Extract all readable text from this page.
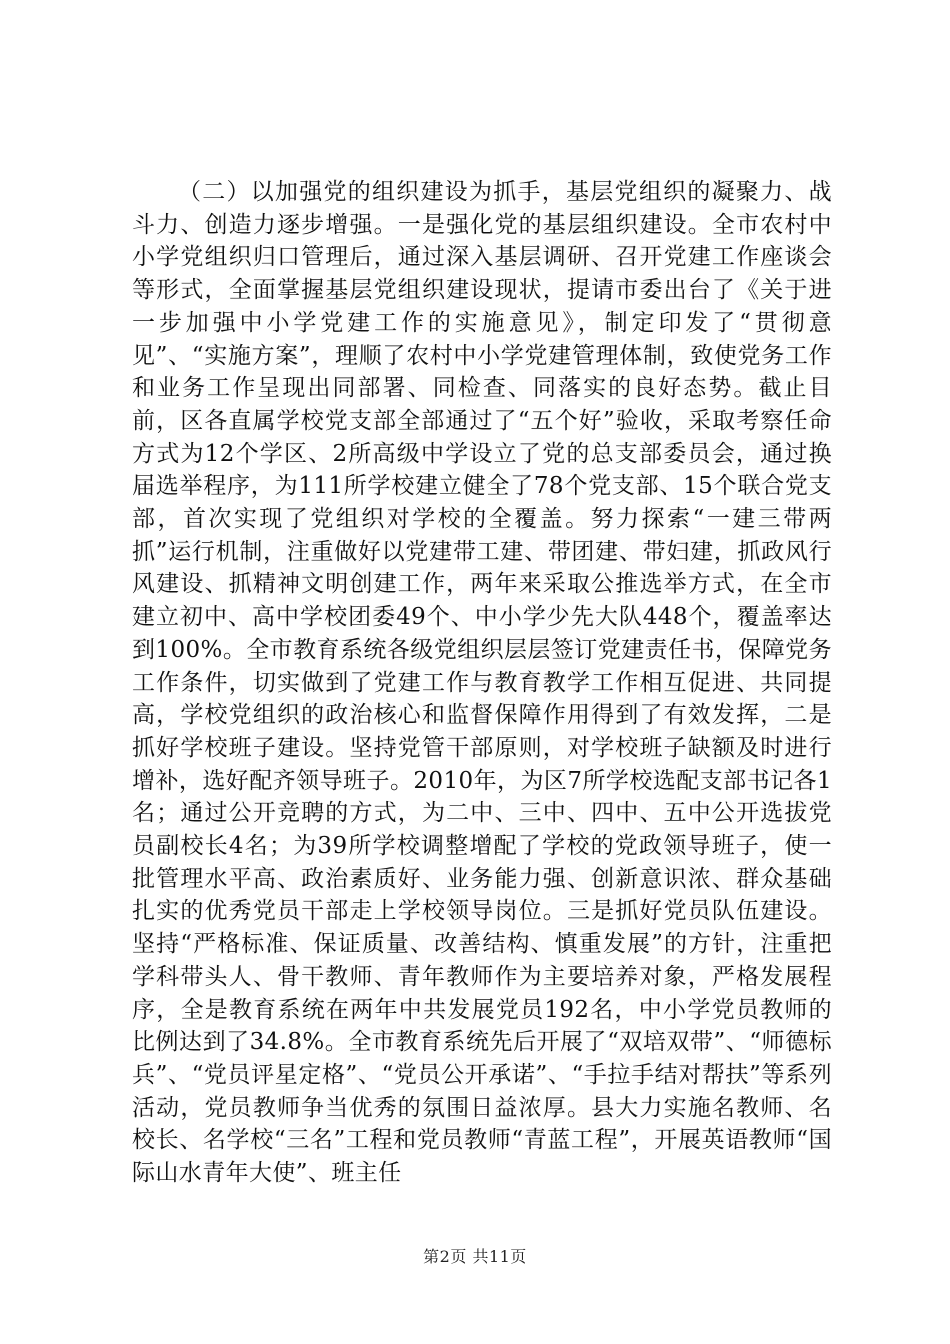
（二）以加强党的组织建设为抓手，基层党组织的凝聚力、战斗力、创造力逐步增强。一是强化党的基层组织建设。全市农村中小学党组织归口管理后，通过深入基层调研、召开党建工作座谈会等形式，全面掌握基层党组织建设现状，提请市委出台了《关于进一步加强中小学党建工作的实施意见》，制定印发了“贯彻意见”、“实施方案”，理顺了农村中小学党建管理体制，致使党务工作和业务工作呈现出同部署、同检查、同落实的良好态势。截止目前，区各直属学校党支部全部通过了“五个好”验收，采取考察任命方式为12个学区、2所高级中学设立了党的总支部委员会，通过换届选举程序，为111所学校建立健全了78个党支部、15个联合党支部，首次实现了党组织对学校的全覆盖。努力探索“一建三带两抓”运行机制，注重做好以党建带工建、带团建、带妇建，抓政风行风建设、抓精神文明创建工作，两年来采取公推选举方式，在全市建立初中、高中学校团委49个、中小学少先大队448个，覆盖率达到100%。全市教育系统各级党组织层层签订党建责任书，保障党务工作条件，切实做到了党建工作与教育教学工作相互促进、共同提高，学校党组织的政治核心和监督保障作用得到了有效发挥，二是抓好学校班子建设。坚持党管干部原则，对学校班子缺额及时进行增补，选好配齐领导班子。2010年，为区7所学校选配支部书记各1名；通过公开竞聘的方式，为二中、三中、四中、五中公开选拔党员副校长4名；为39所学校调整增配了学校的党政领导班子，使一批管理水平高、政治素质好、业务能力强、创新意识浓、群众基础扎实的优秀党员干部走上学校领导岗位。三是抓好党员队伍建设。坚持“严格标准、保证质量、改善结构、慎重发展”的方针，注重把学科带头人、骨干教师、青年教师作为主要培养对象，严格发展程序，全是教育系统在两年中共发展党员192名，中小学党员教师的比例达到了34.8%。全市教育系统先后开展了“双培双带”、“师德标兵”、“党员评星定格”、“党员公开承诺”、“手拉手结对帮扶”等系列活动，党员教师争当优秀的氛围日益浓厚。县大力实施名教师、名校长、名学校“三名”工程和党员教师“青蓝工程”，开展英语教师“国际山水青年大使”、班主任

第2页 共11页
